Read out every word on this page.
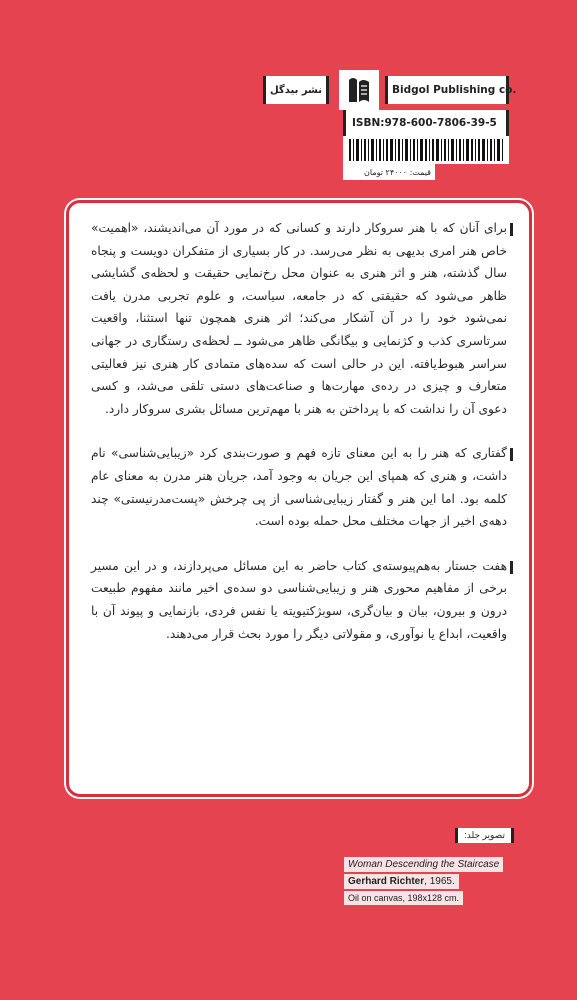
نشر بیدگل	Bidgol Publishing co.
ISBN:978-600-7806-39-5
قیمت: ۲۴۰۰۰ تومان

برای آنان که با هنر سروکار دارند و کسانی که در مورد آن می‌اندیشند، «اهمیت» خاص هنر امری بدیهی به نظر می‌رسد. در کار بسیاری از متفکران دویست و پنجاه سال گذشته، هنر و اثر هنری به عنوان محل رخ‌نمایی حقیقت و لحظه‌ی گشایشی ظاهر می‌شود که حقیقتی که در جامعه، سیاست، و علوم تجربی مدرن یافت نمی‌شود خود را در آن آشکار می‌کند؛ اثر هنری همچون تنها استثنا، واقعیت سرتاسری کذب و کژنمایی و بیگانگی ظاهر می‌شود ــ لحظه‌ی رستگاری در جهانی سراسر هبوط‌یافته. این در حالی است که سده‌های متمادی کار هنری نیز فعالیتی متعارف و چیزی در رده‌ی مهارت‌ها و صناعت‌های دستی تلقی می‌شد، و کسی دعوی آن را نداشت که با پرداختن به هنر با مهم‌ترین مسائل بشری سروکار دارد.

گفتاری که هنر را به این معنای تازه فهم و صورت‌بندی کرد «زیبایی‌شناسی» نام داشت، و هنری که همپای این جریان به وجود آمد، جریان هنر مدرن به معنای عام کلمه بود. اما این هنر و گفتار زیبایی‌شناسی از پی چرخش «پست‌مدرنیستی» چند دهه‌ی اخیر از جهات مختلف محل حمله بوده است.

هفت جستار به‌هم‌پیوسته‌ی کتاب حاضر به این مسائل می‌پردازند، و در این مسیر برخی از مفاهیم محوری هنر و زیبایی‌شناسی دو سده‌ی اخیر مانند مفهوم طبیعت درون و بیرون، بیان و بیان‌گری، سوبژکتیویته یا نفس فردی، بازنمایی و پیوند آن با واقعیت، ابداع یا نوآوری، و مقولاتی دیگر را مورد بحث قرار می‌دهند.

تصویر جلد:
Woman Descending the Staircase
Gerhard Richter, 1965.
Oil on canvas, 198x128 cm.
